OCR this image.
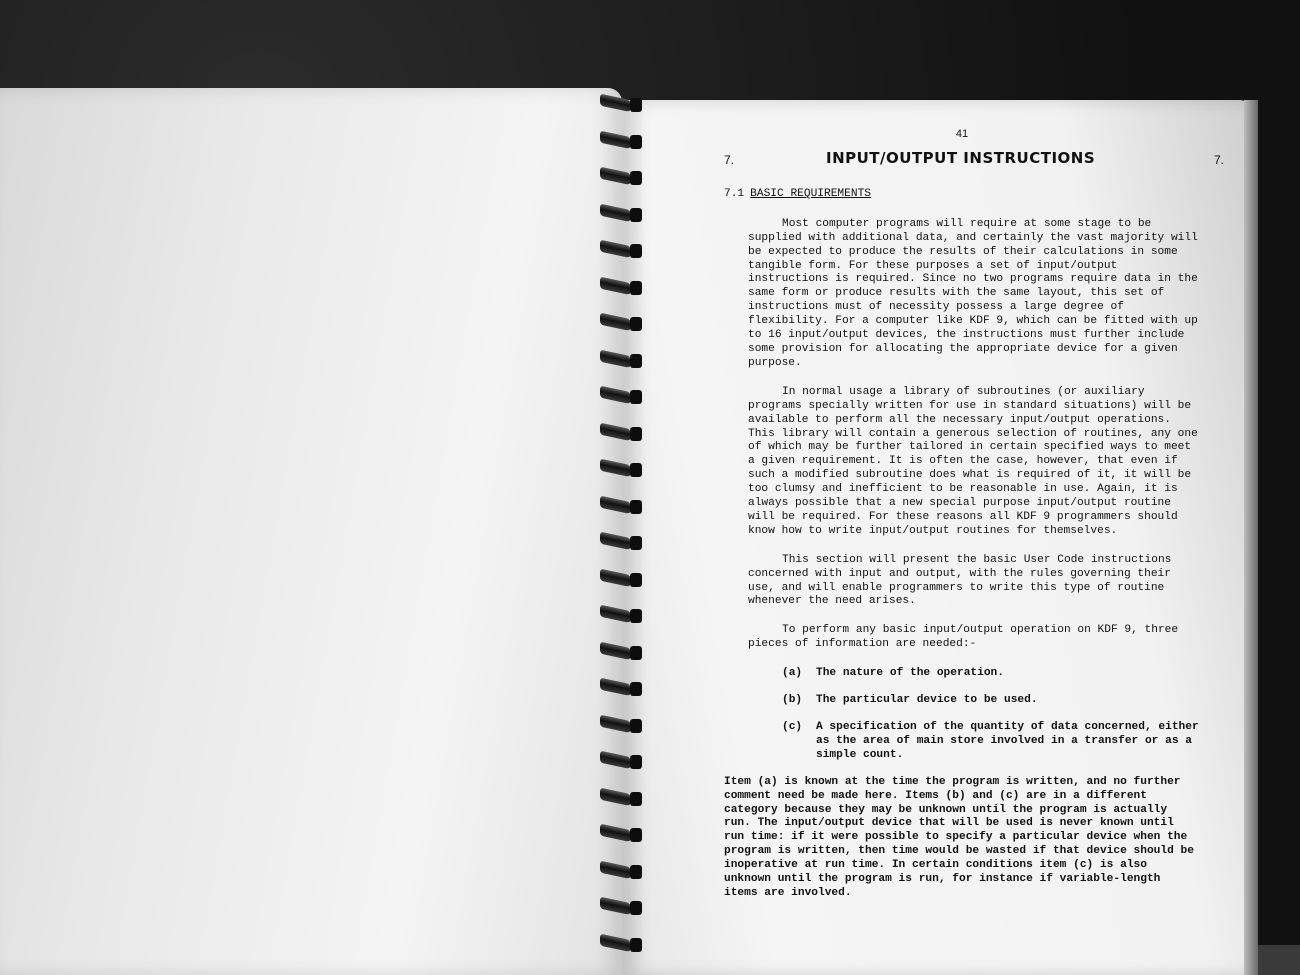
41
7.	INPUT/OUTPUT INSTRUCTIONS	7.
7.1 BASIC REQUIREMENTS

Most computer programs will require at some stage to be supplied with additional data, and certainly the vast majority will be expected to produce the results of their calculations in some tangible form. For these purposes a set of input/output instructions is required. Since no two programs require data in the same form or produce results with the same layout, this set of instructions must of necessity possess a large degree of flexibility. For a computer like KDF 9, which can be fitted with up to 16 input/output devices, the instructions must further include some provision for allocating the appropriate device for a given purpose.

In normal usage a library of subroutines (or auxiliary programs specially written for use in standard situations) will be available to perform all the necessary input/output operations. This library will contain a generous selection of routines, any one of which may be further tailored in certain specified ways to meet a given requirement. It is often the case, however, that even if such a modified subroutine does what is required of it, it will be too clumsy and inefficient to be reasonable in use. Again, it is always possible that a new special purpose input/output routine will be required. For these reasons all KDF 9 programmers should know how to write input/output routines for themselves.

This section will present the basic User Code instructions concerned with input and output, with the rules governing their use, and will enable programmers to write this type of routine whenever the need arises.

To perform any basic input/output operation on KDF 9, three pieces of information are needed:-

(a)	The nature of the operation.
(b)	The particular device to be used.
(c)	A specification of the quantity of data concerned, either as the area of main store involved in a transfer or as a simple count.

Item (a) is known at the time the program is written, and no further comment need be made here. Items (b) and (c) are in a different category because they may be unknown until the program is actually run. The input/output device that will be used is never known until run time: if it were possible to specify a particular device when the program is written, then time would be wasted if that device should be inoperative at run time. In certain conditions item (c) is also unknown until the program is run, for instance if variable-length items are involved.
